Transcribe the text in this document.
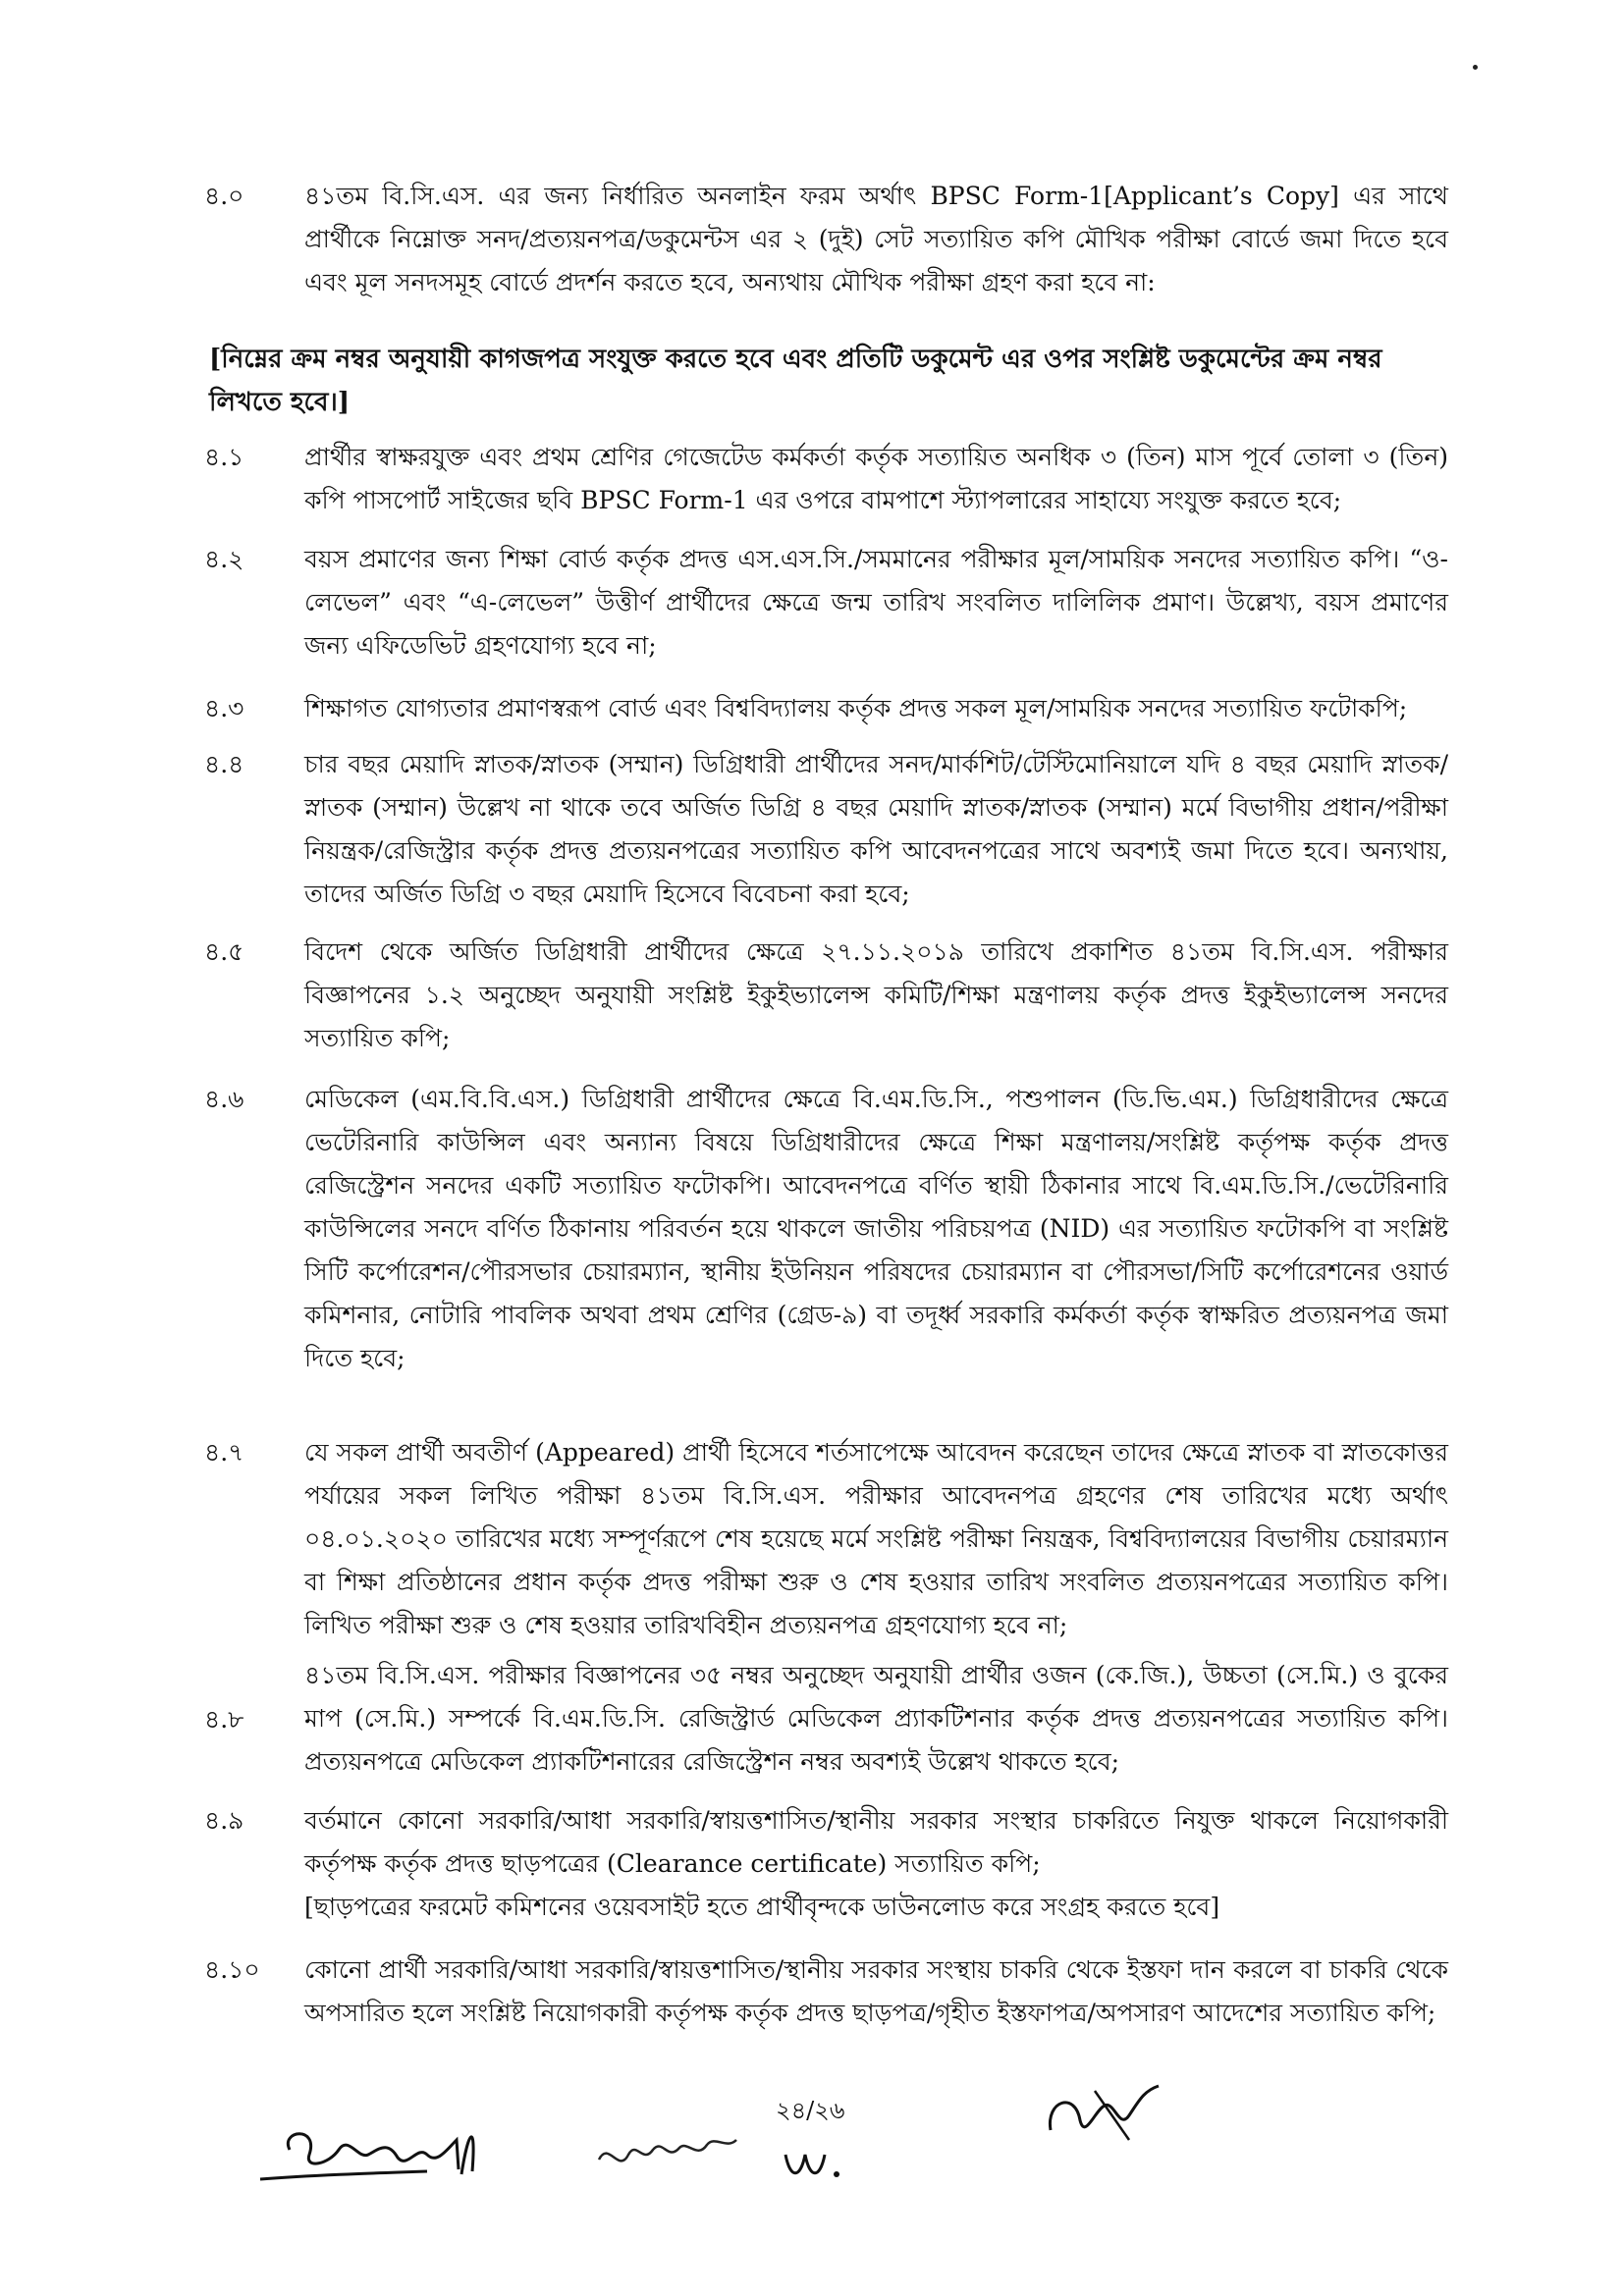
৪.০	৪১তম বি.সি.এস. এর জন্য নির্ধারিত অনলাইন ফরম অর্থাৎ BPSC Form-1[Applicant’s Copy] এর সাথে প্রার্থীকে নিম্নোক্ত সনদ/প্রত্যয়নপত্র/ডকুমেন্টস এর ২ (দুই) সেট সত্যায়িত কপি মৌখিক পরীক্ষা বোর্ডে জমা দিতে হবে এবং মূল সনদসমূহ বোর্ডে প্রদর্শন করতে হবে, অন্যথায় মৌখিক পরীক্ষা গ্রহণ করা হবে না:
[নিম্নের ক্রম নম্বর অনুযায়ী কাগজপত্র সংযুক্ত করতে হবে এবং প্রতিটি ডকুমেন্ট এর ওপর সংশ্লিষ্ট ডকুমেন্টের ক্রম নম্বর লিখতে হবে।]
৪.১	প্রার্থীর স্বাক্ষরযুক্ত এবং প্রথম শ্রেণির গেজেটেড কর্মকর্তা কর্তৃক সত্যায়িত অনধিক ৩ (তিন) মাস পূর্বে তোলা ৩ (তিন) কপি পাসপোর্ট সাইজের ছবি BPSC Form-1 এর ওপরে বামপাশে স্ট্যাপলারের সাহায্যে সংযুক্ত করতে হবে;
৪.২	বয়স প্রমাণের জন্য শিক্ষা বোর্ড কর্তৃক প্রদত্ত এস.এস.সি./সমমানের পরীক্ষার মূল/সাময়িক সনদের সত্যায়িত কপি। “ও-লেভেল” এবং “এ-লেভেল” উত্তীর্ণ প্রার্থীদের ক্ষেত্রে জন্ম তারিখ সংবলিত দালিলিক প্রমাণ। উল্লেখ্য, বয়স প্রমাণের জন্য এফিডেভিট গ্রহণযোগ্য হবে না;
৪.৩	শিক্ষাগত যোগ্যতার প্রমাণস্বরূপ বোর্ড এবং বিশ্ববিদ্যালয় কর্তৃক প্রদত্ত সকল মূল/সাময়িক সনদের সত্যায়িত ফটোকপি;
৪.৪	চার বছর মেয়াদি স্নাতক/স্নাতক (সম্মান) ডিগ্রিধারী প্রার্থীদের সনদ/মার্কশিট/টেস্টিমোনিয়ালে যদি ৪ বছর মেয়াদি স্নাতক/স্নাতক (সম্মান) উল্লেখ না থাকে তবে অর্জিত ডিগ্রি ৪ বছর মেয়াদি স্নাতক/স্নাতক (সম্মান) মর্মে বিভাগীয় প্রধান/পরীক্ষা নিয়ন্ত্রক/রেজিস্ট্রার কর্তৃক প্রদত্ত প্রত্যয়নপত্রের সত্যায়িত কপি আবেদনপত্রের সাথে অবশ্যই জমা দিতে হবে। অন্যথায়, তাদের অর্জিত ডিগ্রি ৩ বছর মেয়াদি হিসেবে বিবেচনা করা হবে;
৪.৫	বিদেশ থেকে অর্জিত ডিগ্রিধারী প্রার্থীদের ক্ষেত্রে ২৭.১১.২০১৯ তারিখে প্রকাশিত ৪১তম বি.সি.এস. পরীক্ষার বিজ্ঞাপনের ১.২ অনুচ্ছেদ অনুযায়ী সংশ্লিষ্ট ইকুইভ্যালেন্স কমিটি/শিক্ষা মন্ত্রণালয় কর্তৃক প্রদত্ত ইকুইভ্যালেন্স সনদের সত্যায়িত কপি;
৪.৬	মেডিকেল (এম.বি.বি.এস.) ডিগ্রিধারী প্রার্থীদের ক্ষেত্রে বি.এম.ডি.সি., পশুপালন (ডি.ভি.এম.) ডিগ্রিধারীদের ক্ষেত্রে ভেটেরিনারি কাউন্সিল এবং অন্যান্য বিষয়ে ডিগ্রিধারীদের ক্ষেত্রে শিক্ষা মন্ত্রণালয়/সংশ্লিষ্ট কর্তৃপক্ষ কর্তৃক প্রদত্ত রেজিস্ট্রেশন সনদের একটি সত্যায়িত ফটোকপি। আবেদনপত্রে বর্ণিত স্থায়ী ঠিকানার সাথে বি.এম.ডি.সি./ভেটেরিনারি কাউন্সিলের সনদে বর্ণিত ঠিকানায় পরিবর্তন হয়ে থাকলে জাতীয় পরিচয়পত্র (NID) এর সত্যায়িত ফটোকপি বা সংশ্লিষ্ট সিটি কর্পোরেশন/পৌরসভার চেয়ারম্যান, স্থানীয় ইউনিয়ন পরিষদের চেয়ারম্যান বা পৌরসভা/সিটি কর্পোরেশনের ওয়ার্ড কমিশনার, নোটারি পাবলিক অথবা প্রথম শ্রেণির (গ্রেড-৯) বা তদূর্ধ্ব সরকারি কর্মকর্তা কর্তৃক স্বাক্ষরিত প্রত্যয়নপত্র জমা দিতে হবে;
৪.৭	যে সকল প্রার্থী অবতীর্ণ (Appeared) প্রার্থী হিসেবে শর্তসাপেক্ষে আবেদন করেছেন তাদের ক্ষেত্রে স্নাতক বা স্নাতকোত্তর পর্যায়ের সকল লিখিত পরীক্ষা ৪১তম বি.সি.এস. পরীক্ষার আবেদনপত্র গ্রহণের শেষ তারিখের মধ্যে অর্থাৎ ০৪.০১.২০২০ তারিখের মধ্যে সম্পূর্ণরূপে শেষ হয়েছে মর্মে সংশ্লিষ্ট পরীক্ষা নিয়ন্ত্রক, বিশ্ববিদ্যালয়ের বিভাগীয় চেয়ারম্যান বা শিক্ষা প্রতিষ্ঠানের প্রধান কর্তৃক প্রদত্ত পরীক্ষা শুরু ও শেষ হওয়ার তারিখ সংবলিত প্রত্যয়নপত্রের সত্যায়িত কপি। লিখিত পরীক্ষা শুরু ও শেষ হওয়ার তারিখবিহীন প্রত্যয়নপত্র গ্রহণযোগ্য হবে না;
৪.৮
৪১তম বি.সি.এস. পরীক্ষার বিজ্ঞাপনের ৩৫ নম্বর অনুচ্ছেদ অনুযায়ী প্রার্থীর ওজন (কে.জি.), উচ্চতা (সে.মি.) ও বুকের মাপ (সে.মি.) সম্পর্কে বি.এম.ডি.সি. রেজিস্ট্রার্ড মেডিকেল প্র্যাকটিশনার কর্তৃক প্রদত্ত প্রত্যয়নপত্রের সত্যায়িত কপি। প্রত্যয়নপত্রে মেডিকেল প্র্যাকটিশনারের রেজিস্ট্রেশন নম্বর অবশ্যই উল্লেখ থাকতে হবে;
৪.৯	বর্তমানে কোনো সরকারি/আধা সরকারি/স্বায়ত্তশাসিত/স্থানীয় সরকার সংস্থার চাকরিতে নিযুক্ত থাকলে নিয়োগকারী কর্তৃপক্ষ কর্তৃক প্রদত্ত ছাড়পত্রের (Clearance certificate) সত্যায়িত কপি;
[ছাড়পত্রের ফরমেট কমিশনের ওয়েবসাইট হতে প্রার্থীবৃন্দকে ডাউনলোড করে সংগ্রহ করতে হবে]
৪.১০	কোনো প্রার্থী সরকারি/আধা সরকারি/স্বায়ত্তশাসিত/স্থানীয় সরকার সংস্থায় চাকরি থেকে ইস্তফা দান করলে বা চাকরি থেকে অপসারিত হলে সংশ্লিষ্ট নিয়োগকারী কর্তৃপক্ষ কর্তৃক প্রদত্ত ছাড়পত্র/গৃহীত ইস্তফাপত্র/অপসারণ আদেশের সত্যায়িত কপি;
২৪/২৬
